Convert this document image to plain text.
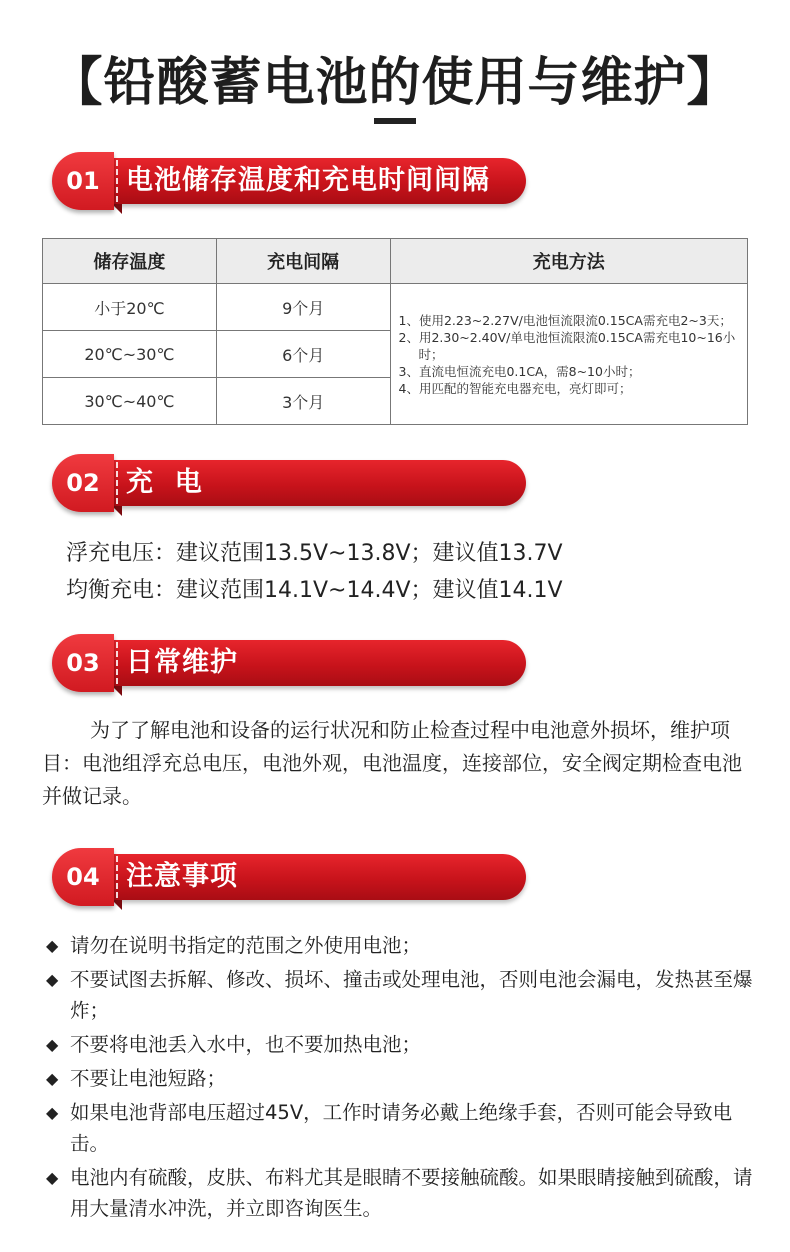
【铅酸蓄电池的使用与维护】
电池储存温度和充电时间间隔
01
储存温度	充电间隔	充电方法
小于20℃	9个月	1、使用2.23~2.27V/电池恒流限流0.15CA需充电2~3天；
2、用2.30~2.40V/单电池恒流限流0.15CA需充电10~16小时；
3、直流电恒流充电0.1CA，需8~10小时；
4、用匹配的智能充电器充电，亮灯即可；

20℃~30℃	6个月	
30℃~40℃	3个月	
充  电
02
浮充电压：建议范围13.5V~13.8V；建议值13.7V
均衡充电：建议范围14.1V~14.4V；建议值14.1V
日常维护
03
为了了解电池和设备的运行状况和防止检查过程中电池意外损坏，维护项目：电池组浮充总电压，电池外观，电池温度，连接部位，安全阀定期检查电池并做记录。
注意事项
04
◆ 请勿在说明书指定的范围之外使用电池；
◆ 不要试图去拆解、修改、损坏、撞击或处理电池，否则电池会漏电，发热甚至爆炸；
◆ 不要将电池丢入水中，也不要加热电池；
◆ 不要让电池短路；
◆ 如果电池背部电压超过45V，工作时请务必戴上绝缘手套，否则可能会导致电击。
◆ 电池内有硫酸，皮肤、布料尤其是眼睛不要接触硫酸。如果眼睛接触到硫酸，请用大量清水冲洗，并立即咨询医生。
